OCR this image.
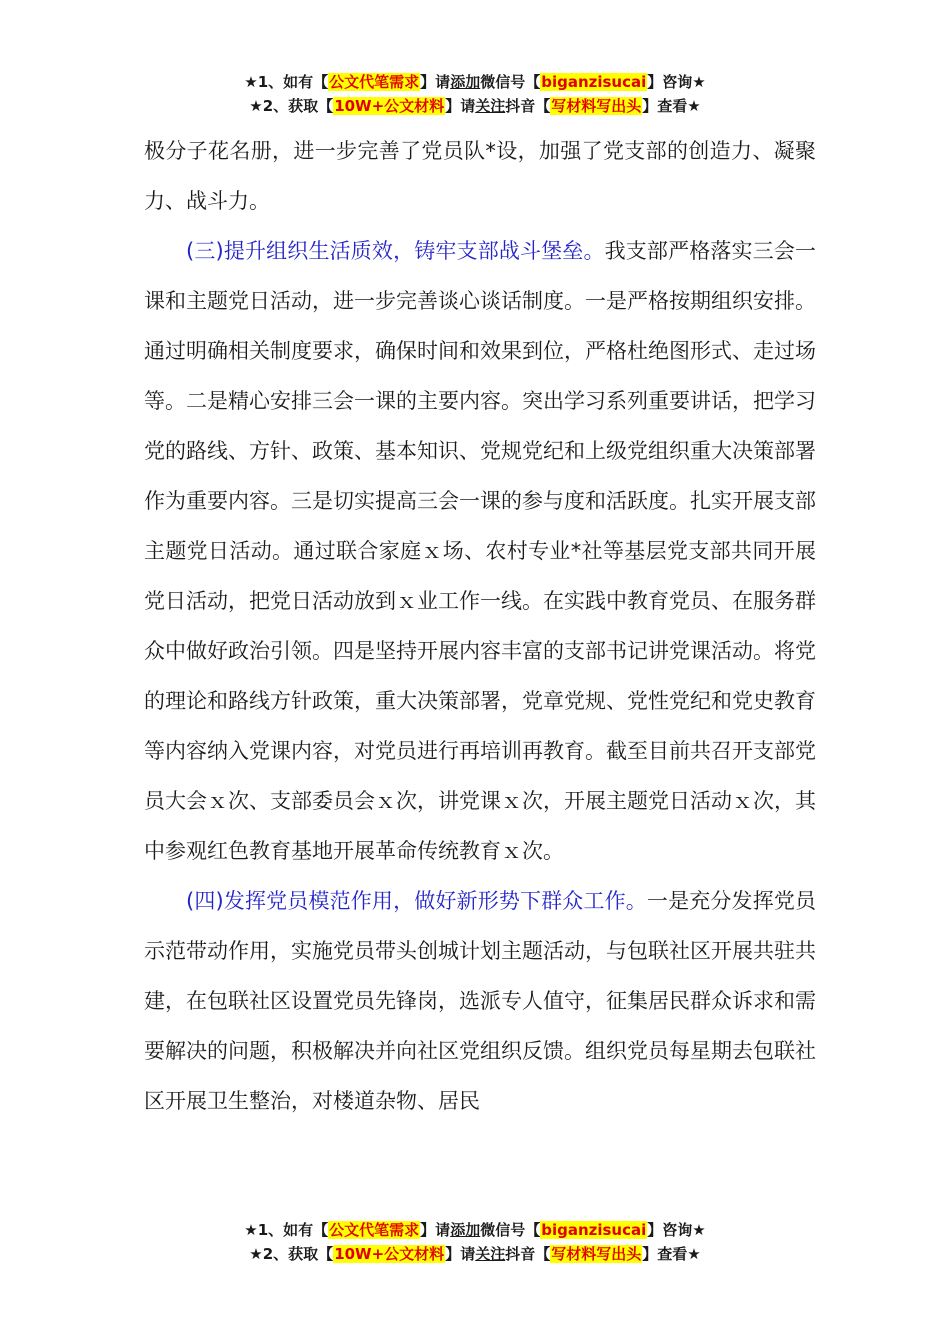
★1、如有【公文代笔需求】请添加微信号【biganzisucai】咨询★
★2、获取【10W+公文材料】请关注抖音【写材料写出头】查看★

极分子花名册，进一步完善了党员队*设，加强了党支部的创造力、凝聚力、战斗力。

(三)提升组织生活质效，铸牢支部战斗堡垒。我支部严格落实三会一课和主题党日活动，进一步完善谈心谈话制度。一是严格按期组织安排。通过明确相关制度要求，确保时间和效果到位，严格杜绝图形式、走过场等。二是精心安排三会一课的主要内容。突出学习系列重要讲话，把学习党的路线、方针、政策、基本知识、党规党纪和上级党组织重大决策部署作为重要内容。三是切实提高三会一课的参与度和活跃度。扎实开展支部主题党日活动。通过联合家庭ｘ场、农村专业*社等基层党支部共同开展党日活动，把党日活动放到ｘ业工作一线。在实践中教育党员、在服务群众中做好政治引领。四是坚持开展内容丰富的支部书记讲党课活动。将党的理论和路线方针政策，重大决策部署，党章党规、党性党纪和党史教育等内容纳入党课内容，对党员进行再培训再教育。截至目前共召开支部党员大会ｘ次、支部委员会ｘ次，讲党课ｘ次，开展主题党日活动ｘ次，其中参观红色教育基地开展革命传统教育ｘ次。

(四)发挥党员模范作用，做好新形势下群众工作。一是充分发挥党员示范带动作用，实施党员带头创城计划主题活动，与包联社区开展共驻共建，在包联社区设置党员先锋岗，选派专人值守，征集居民群众诉求和需要解决的问题，积极解决并向社区党组织反馈。组织党员每星期去包联社区开展卫生整治，对楼道杂物、居民

★1、如有【公文代笔需求】请添加微信号【biganzisucai】咨询★
★2、获取【10W+公文材料】请关注抖音【写材料写出头】查看★
